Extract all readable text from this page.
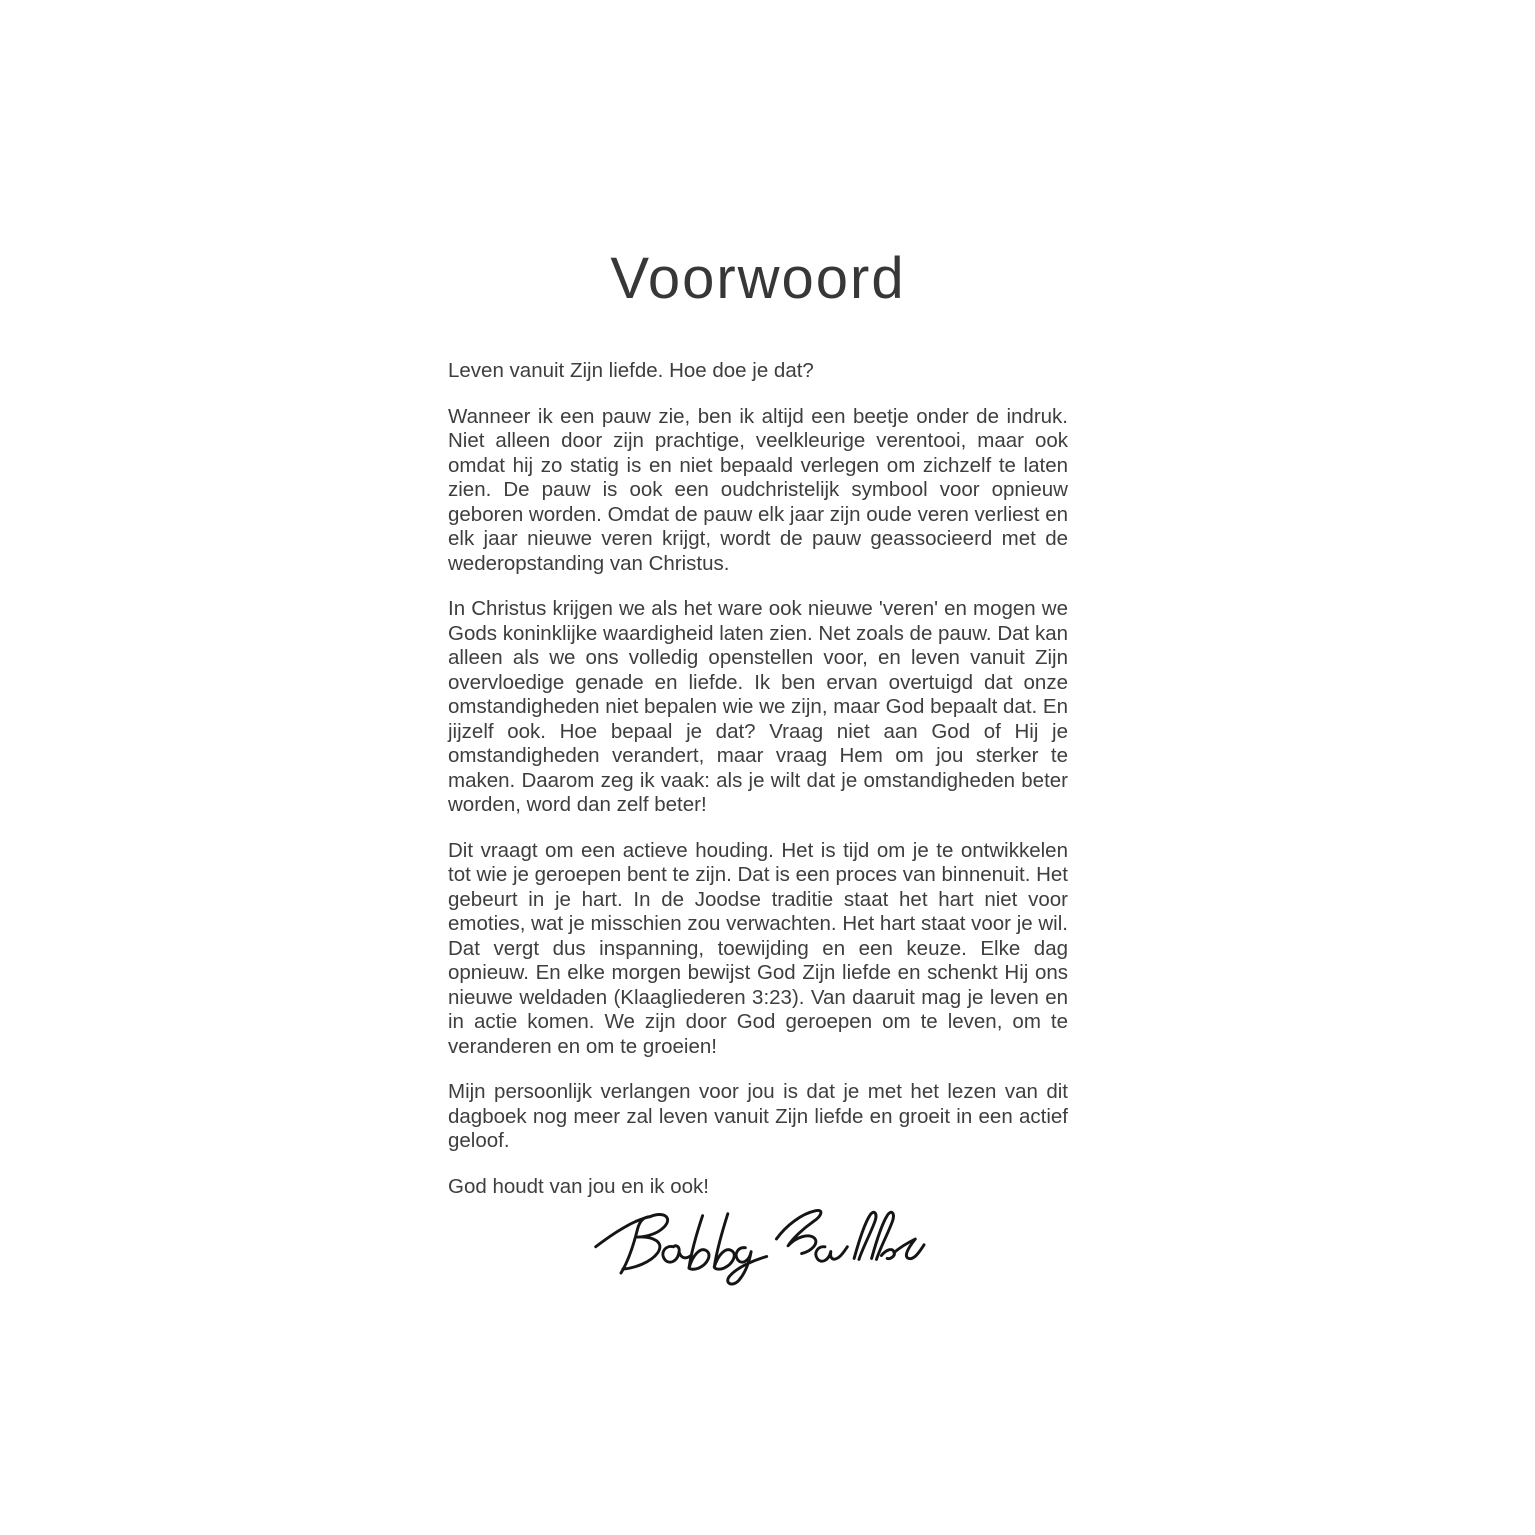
Voorwoord

Leven vanuit Zijn liefde. Hoe doe je dat?

Wanneer ik een pauw zie, ben ik altijd een beetje onder de indruk. Niet alleen door zijn prachtige, veelkleurige verentooi, maar ook omdat hij zo statig is en niet bepaald verlegen om zichzelf te laten zien. De pauw is ook een oudchristelijk symbool voor opnieuw geboren worden. Omdat de pauw elk jaar zijn oude veren verliest en elk jaar nieuwe veren krijgt, wordt de pauw geassocieerd met de wederopstanding van Christus.

In Christus krijgen we als het ware ook nieuwe 'veren' en mogen we Gods koninklijke waardigheid laten zien. Net zoals de pauw. Dat kan alleen als we ons volledig openstellen voor, en leven vanuit Zijn overvloedige genade en liefde. Ik ben ervan overtuigd dat onze omstandigheden niet bepalen wie we zijn, maar God bepaalt dat. En jijzelf ook. Hoe bepaal je dat? Vraag niet aan God of Hij je omstandigheden verandert, maar vraag Hem om jou sterker te maken. Daarom zeg ik vaak: als je wilt dat je omstandigheden beter worden, word dan zelf beter!

Dit vraagt om een actieve houding. Het is tijd om je te ontwikkelen tot wie je geroepen bent te zijn. Dat is een proces van binnenuit. Het gebeurt in je hart. In de Joodse traditie staat het hart niet voor emoties, wat je misschien zou verwachten. Het hart staat voor je wil. Dat vergt dus inspanning, toewijding en een keuze. Elke dag opnieuw. En elke morgen bewijst God Zijn liefde en schenkt Hij ons nieuwe weldaden (Klaagliederen 3:23). Van daaruit mag je leven en in actie komen. We zijn door God geroepen om te leven, om te veranderen en om te groeien!

Mijn persoonlijk verlangen voor jou is dat je met het lezen van dit dagboek nog meer zal leven vanuit Zijn liefde en groeit in een actief geloof.

God houdt van jou en ik ook!
